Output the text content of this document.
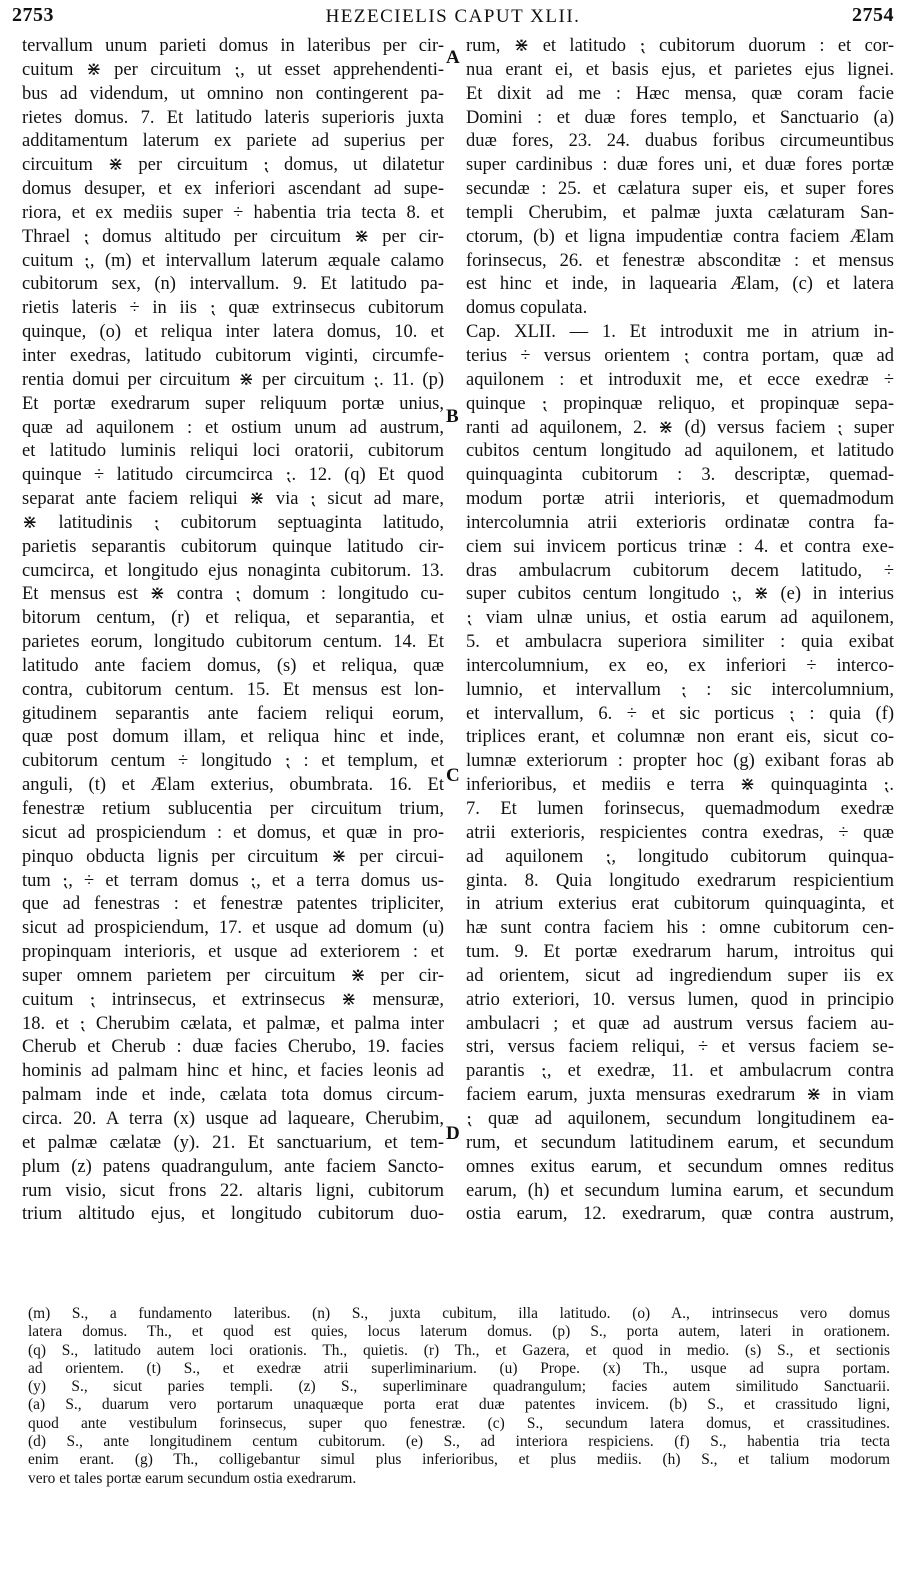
2753	HEZECIELIS CAPUT XLII.	2754
A
B
C
D

tervallum unum parieti domus in lateribus per cir-

cuitum ⋇ per circuitum ⁏, ut esset apprehendenti-

bus ad videndum, ut omnino non contingerent pa-

rietes domus. 7. Et latitudo lateris superioris juxta

additamentum laterum ex pariete ad superius per

circuitum ⋇ per circuitum ⁏ domus, ut dilatetur

domus desuper, et ex inferiori ascendant ad supe-

riora, et ex mediis super ÷ habentia tria tecta 8. et

Thrael ⁏ domus altitudo per circuitum ⋇ per cir-

cuitum ⁏, (m) et intervallum laterum æquale calamo

cubitorum sex, (n) intervallum. 9. Et latitudo pa-

rietis lateris ÷ in iis ⁏ quæ extrinsecus cubitorum

quinque, (o) et reliqua inter latera domus, 10. et

inter exedras, latitudo cubitorum viginti, circumfe-

rentia domui per circuitum ⋇ per circuitum ⁏. 11. (p)

Et portæ exedrarum super reliquum portæ unius,

quæ ad aquilonem : et ostium unum ad austrum,

et latitudo luminis reliqui loci oratorii, cubitorum

quinque ÷ latitudo circumcirca ⁏. 12. (q) Et quod

separat ante faciem reliqui ⋇ via ⁏ sicut ad mare,

⋇ latitudinis ⁏ cubitorum septuaginta latitudo,

parietis separantis cubitorum quinque latitudo cir-

cumcirca, et longitudo ejus nonaginta cubitorum. 13.

Et mensus est ⋇ contra ⁏ domum : longitudo cu-

bitorum centum, (r) et reliqua, et separantia, et

parietes eorum, longitudo cubitorum centum. 14. Et

latitudo ante faciem domus, (s) et reliqua, quæ

contra, cubitorum centum. 15. Et mensus est lon-

gitudinem separantis ante faciem reliqui eorum,

quæ post domum illam, et reliqua hinc et inde,

cubitorum centum ÷ longitudo ⁏ : et templum, et

anguli, (t) et Ælam exterius, obumbrata. 16. Et

fenestræ retium sublucentia per circuitum trium,

sicut ad prospiciendum : et domus, et quæ in pro-

pinquo obducta lignis per circuitum ⋇ per circui-

tum ⁏, ÷ et terram domus ⁏, et a terra domus us-

que ad fenestras : et fenestræ patentes tripliciter,

sicut ad prospiciendum, 17. et usque ad domum (u)

propinquam interioris, et usque ad exteriorem : et

super omnem parietem per circuitum ⋇ per cir-

cuitum ⁏ intrinsecus, et extrinsecus ⋇ mensuræ,

18. et ⁏ Cherubim cælata, et palmæ, et palma inter

Cherub et Cherub : duæ facies Cherubo, 19. facies

hominis ad palmam hinc et hinc, et facies leonis ad

palmam inde et inde, cælata tota domus circum-

circa. 20. A terra (x) usque ad laqueare, Cherubim,

et palmæ cælatæ (y). 21. Et sanctuarium, et tem-

plum (z) patens quadrangulum, ante faciem Sancto-

rum visio, sicut frons 22. altaris ligni, cubitorum

trium altitudo ejus, et longitudo cubitorum duo-

rum, ⋇ et latitudo ⁏ cubitorum duorum : et cor-

nua erant ei, et basis ejus, et parietes ejus lignei.

Et dixit ad me : Hæc mensa, quæ coram facie

Domini : et duæ fores templo, et Sanctuario (a)

duæ fores, 23. 24. duabus foribus circumeuntibus

super cardinibus : duæ fores uni, et duæ fores portæ

secundæ : 25. et cælatura super eis, et super fores

templi Cherubim, et palmæ juxta cælaturam San-

ctorum, (b) et ligna impudentiæ contra faciem Ælam

forinsecus, 26. et fenestræ absconditæ : et mensus

est hinc et inde, in laquearia Ælam, (c) et latera

domus copulata.

Cap. XLII. — 1. Et introduxit me in atrium in-

terius ÷ versus orientem ⁏ contra portam, quæ ad

aquilonem : et introduxit me, et ecce exedræ ÷

quinque ⁏ propinquæ reliquo, et propinquæ sepa-

ranti ad aquilonem, 2. ⋇ (d) versus faciem ⁏ super

cubitos centum longitudo ad aquilonem, et latitudo

quinquaginta cubitorum : 3. descriptæ, quemad-

modum portæ atrii interioris, et quemadmodum

intercolumnia atrii exterioris ordinatæ contra fa-

ciem sui invicem porticus trinæ : 4. et contra exe-

dras ambulacrum cubitorum decem latitudo, ÷

super cubitos centum longitudo ⁏, ⋇ (e) in interius

⁏ viam ulnæ unius, et ostia earum ad aquilonem,

5. et ambulacra superiora similiter : quia exibat

intercolumnium, ex eo, ex inferiori ÷ interco-

lumnio, et intervallum ⁏ : sic intercolumnium,

et intervallum, 6. ÷ et sic porticus ⁏ : quia (f)

triplices erant, et columnæ non erant eis, sicut co-

lumnæ exteriorum : propter hoc (g) exibant foras ab

inferioribus, et mediis e terra ⋇ quinquaginta ⁏.

7. Et lumen forinsecus, quemadmodum exedræ

atrii exterioris, respicientes contra exedras, ÷ quæ

ad aquilonem ⁏, longitudo cubitorum quinqua-

ginta. 8. Quia longitudo exedrarum respicientium

in atrium exterius erat cubitorum quinquaginta, et

hæ sunt contra faciem his : omne cubitorum cen-

tum. 9. Et portæ exedrarum harum, introitus qui

ad orientem, sicut ad ingrediendum super iis ex

atrio exteriori, 10. versus lumen, quod in principio

ambulacri ; et quæ ad austrum versus faciem au-

stri, versus faciem reliqui, ÷ et versus faciem se-

parantis ⁏, et exedræ, 11. et ambulacrum contra

faciem earum, juxta mensuras exedrarum ⋇ in viam

⁏ quæ ad aquilonem, secundum longitudinem ea-

rum, et secundum latitudinem earum, et secundum

omnes exitus earum, et secundum omnes reditus

earum, (h) et secundum lumina earum, et secundum

ostia earum, 12. exedrarum, quæ contra austrum,

(m) S., a fundamento lateribus. (n) S., juxta cubitum, illa latitudo. (o) A., intrinsecus vero domus

latera domus. Th., et quod est quies, locus laterum domus. (p) S., porta autem, lateri in orationem.

(q) S., latitudo autem loci orationis. Th., quietis. (r) Th., et Gazera, et quod in medio. (s) S., et sectionis

ad orientem. (t) S., et exedræ atrii superliminarium. (u) Prope. (x) Th., usque ad supra portam.

(y) S., sicut paries templi. (z) S., superliminare quadrangulum; facies autem similitudo Sanctuarii.

(a) S., duarum vero portarum unaquæque porta erat duæ patentes invicem. (b) S., et crassitudo ligni,

quod ante vestibulum forinsecus, super quo fenestræ. (c) S., secundum latera domus, et crassitudines.

(d) S., ante longitudinem centum cubitorum. (e) S., ad interiora respiciens. (f) S., habentia tria tecta

enim erant. (g) Th., colligebantur simul plus inferioribus, et plus mediis. (h) S., et talium modorum

vero et tales portæ earum secundum ostia exedrarum.
